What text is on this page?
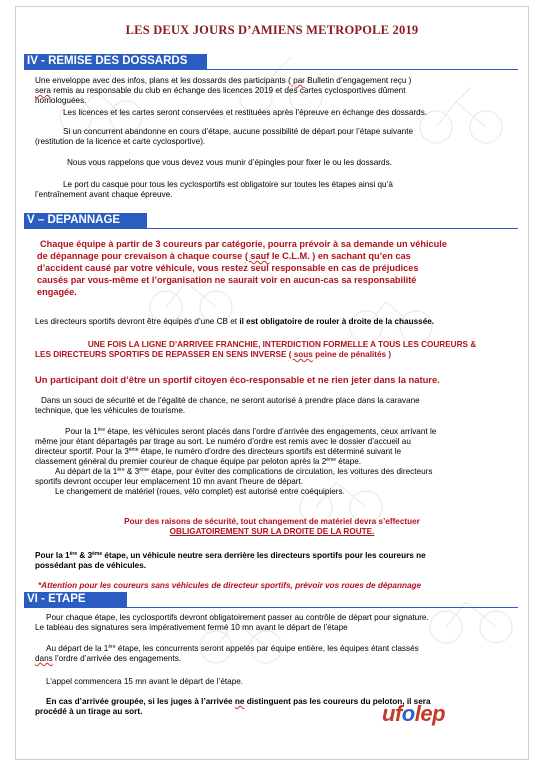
LES DEUX JOURS D’AMIENS METROPOLE 2019
IV - REMISE DES DOSSARDS
Une enveloppe avec des infos, plans et les dossards des participants ( par Bulletin d’engagement reçu )
sera remis au responsable du club en échange des licences 2019 et des cartes cyclosportives dûment
homologuées.
Les licences et les cartes seront conservées et restituées après l’épreuve en échange des dossards.
Si un concurrent abandonne en cours d’étape, aucune possibilité de départ pour l’étape suivante
(restitution de la licence et carte cyclosportive).
Nous vous rappelons que vous devez vous munir d’épingles pour fixer le ou les dossards.
Le port du casque pour tous les cyclosportifs est obligatoire sur toutes les étapes ainsi qu’à
l’entraînement avant chaque épreuve.
V – DEPANNAGE
Chaque équipe à partir de 3 coureurs par catégorie, pourra prévoir à sa demande un véhicule
de dépannage pour crevaison à chaque course ( sauf le C.L.M. ) en sachant qu’en cas
d’accident causé par votre véhicule, vous restez seul responsable en cas de préjudices
causés par vous-même et l’organisation ne saurait voir en aucun-cas sa responsabilité
engagée.
Les directeurs sportifs devront être équipés d’une CB et il est obligatoire de rouler à droite de la chaussée.
UNE FOIS LA LIGNE D’ARRIVEE FRANCHIE, INTERDICTION FORMELLE A TOUS LES COUREURS &
LES DIRECTEURS SPORTIFS DE REPASSER EN SENS INVERSE ( sous peine de pénalités )
Un participant doit d’être un sportif citoyen éco-responsable et ne rien jeter dans la nature.
Dans un souci de sécurité et de l’égalité de chance, ne seront autorisé à prendre place dans la caravane
technique, que les véhicules de tourisme.
Pour la 1ère étape, les véhicules seront placés dans l’ordre d’arrivée des engagements, ceux arrivant le
même jour étant départagés par tirage au sort. Le numéro d’ordre est remis avec le dossier d’accueil au
directeur sportif. Pour la 3ème étape, le numéro d’ordre des directeurs sportifs est déterminé suivant le
classement général du premier coureur de chaque équipe par peloton après la 2ème étape.
Au départ de la 1ère & 3ème étape, pour éviter des complications de circulation, les voitures des directeurs
sportifs devront occuper leur emplacement 10 mn avant l’heure de départ.
Le changement de matériel (roues, vélo complet) est autorisé entre coéquipiers.
Pour des raisons de sécurité, tout changement de matériel devra s’effectuer
OBLIGATOIREMENT SUR LA DROITE DE LA ROUTE.
Pour la 1ère & 3ème étape, un véhicule neutre sera derrière les directeurs sportifs pour les coureurs ne
possédant pas de véhicules.
*Attention pour les coureurs sans véhicules de directeur sportifs, prévoir vos roues de dépannage
VI - ETAPE
Pour chaque étape, les cyclosportifs devront obligatoirement passer au contrôle de départ pour signature.
Le tableau des signatures sera impérativement fermé 10 mn avant le départ de l’étape
Au départ de la 1ère étape, les concurrents seront appelés par équipe entière, les équipes étant classés
dans l’ordre d’arrivée des engagements.
L’appel commencera 15 mn avant le départ de l’étape.
En cas d’arrivée groupée, si les juges à l’arrivée ne distinguent pas les coureurs du peloton, il sera
procédé à un tirage au sort.	ufolep
